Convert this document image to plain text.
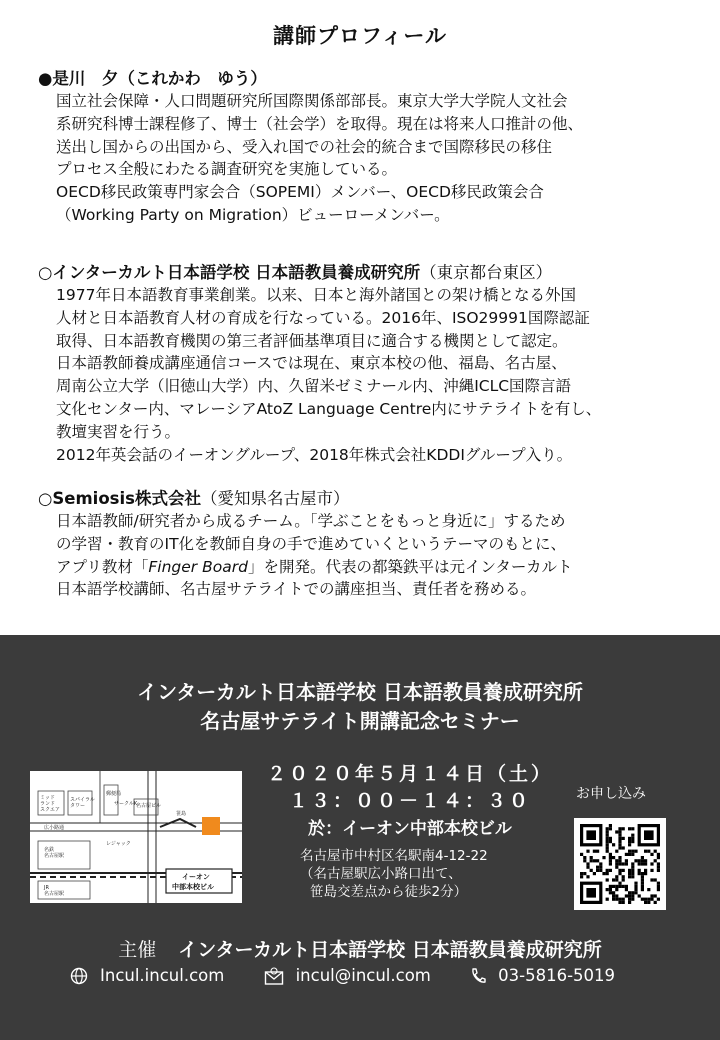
講師プロフィール
●是川　夕（これかわ　ゆう）
国立社会保障・人口問題研究所国際関係部部長。東京大学大学院人文社会
系研究科博士課程修了、博士（社会学）を取得。現在は将来人口推計の他、
送出し国からの出国から、受入れ国での社会的統合まで国際移民の移住
プロセス全般にわたる調査研究を実施している。
OECD移民政策専門家会合（SOPEMI）メンバー、OECD移民政策会合
（Working Party on Migration）ビューローメンバー。
○インターカルト日本語学校 日本語教員養成研究所（東京都台東区）
1977年日本語教育事業創業。以来、日本と海外諸国との架け橋となる外国
人材と日本語教育人材の育成を行なっている。2016年、ISO29991国際認証
取得、日本語教育機関の第三者評価基準項目に適合する機関として認定。
日本語教師養成講座通信コースでは現在、東京本校の他、福島、名古屋、
周南公立大学（旧徳山大学）内、久留米ゼミナール内、沖縄ICLC国際言語
文化センター内、マレーシアAtoZ Language Centre内にサテライトを有し、
教壇実習を行う。
2012年英会話のイーオングループ、2018年株式会社KDDIグループ入り。
○Semiosis株式会社（愛知県名古屋市）
日本語教師/研究者から成るチーム。「学ぶことをもっと身近に」するため
の学習・教育のIT化を教師自身の手で進めていくというテーマのもとに、
アプリ教材「Finger Board」を開発。代表の都築鉄平は元インターカルト
日本語学校講師、名古屋サテライトでの講座担当、責任者を務める。
インターカルト日本語学校 日本語教員養成研究所
名古屋サテライト開講記念セミナー
ミッド
ランド
スクエア
スパイラル
タワー
郵便局
サークルK
名古屋ビル
広小路通
名鉄
名古屋駅
JR
名古屋駅
レジャック
笹島
イーオン
中部本校ビル
２０２０年５月１４日（土）
１３：００－１４：３０
於：イーオン中部本校ビル
名古屋市中村区名駅南4-12-22
（名古屋駅広小路口出て、
笹島交差点から徒歩2分）
お申し込み
主催 インターカルト日本語学校 日本語教員養成研究所
Incul.incul.com
	incul@incul.com
	03-5816-5019
